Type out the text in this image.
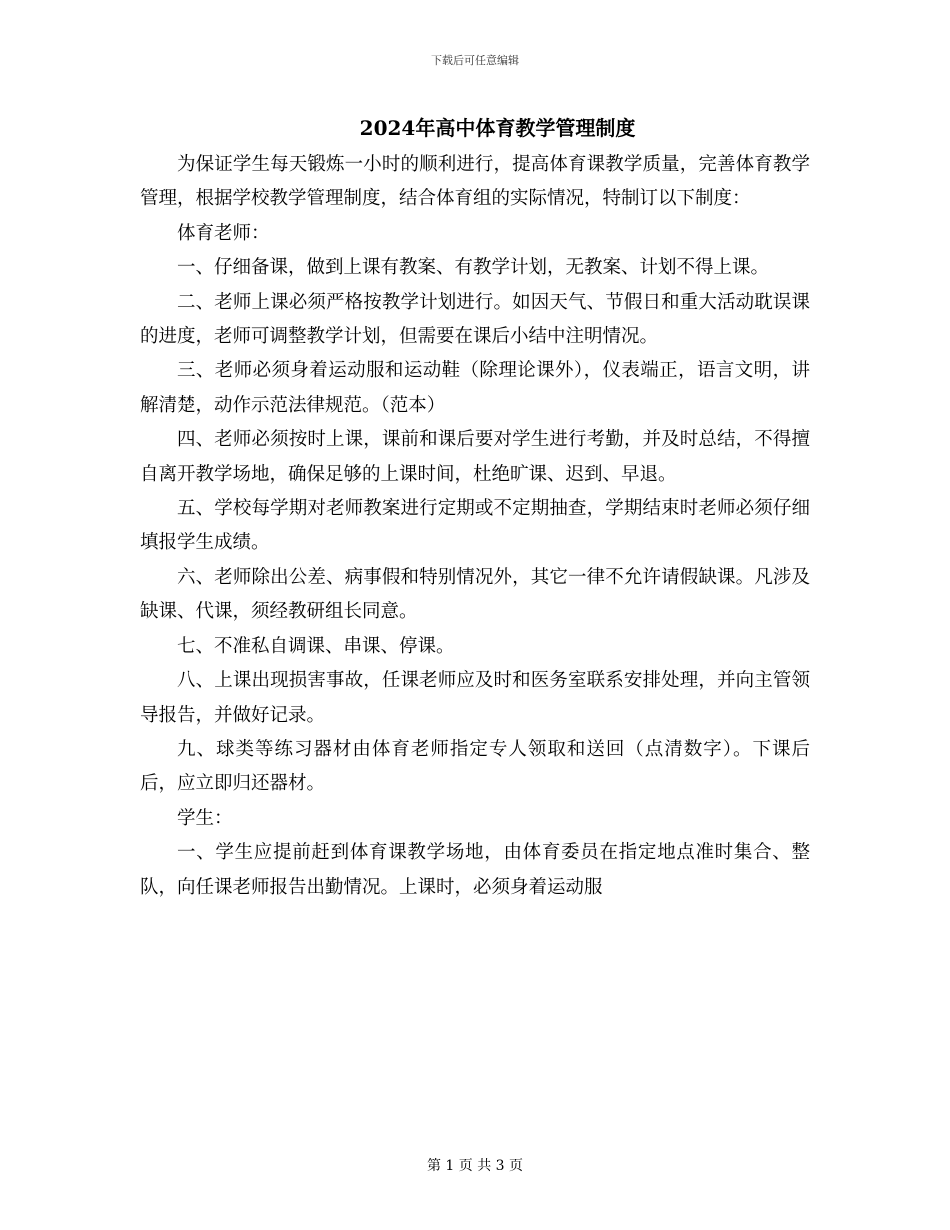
下载后可任意编辑
2024年高中体育教学管理制度

为保证学生每天锻炼一小时的顺利进行，提高体育课教学质量，完善体育教学管理，根据学校教学管理制度，结合体育组的实际情况，特制订以下制度：

体育老师：

一、仔细备课，做到上课有教案、有教学计划，无教案、计划不得上课。

二、老师上课必须严格按教学计划进行。如因天气、节假日和重大活动耽误课的进度，老师可调整教学计划，但需要在课后小结中注明情况。

三、老师必须身着运动服和运动鞋（除理论课外），仪表端正，语言文明，讲解清楚，动作示范法律规范。（范本）

四、老师必须按时上课，课前和课后要对学生进行考勤，并及时总结，不得擅自离开教学场地，确保足够的上课时间，杜绝旷课、迟到、早退。

五、学校每学期对老师教案进行定期或不定期抽查，学期结束时老师必须仔细填报学生成绩。

六、老师除出公差、病事假和特别情况外，其它一律不允许请假缺课。凡涉及缺课、代课，须经教研组长同意。

七、不准私自调课、串课、停课。

八、上课出现损害事故，任课老师应及时和医务室联系安排处理，并向主管领导报告，并做好记录。

九、球类等练习器材由体育老师指定专人领取和送回（点清数字）。下课后后，应立即归还器材。

学生：

一、学生应提前赶到体育课教学场地，由体育委员在指定地点准时集合、整队，向任课老师报告出勤情况。上课时，必须身着运动服

第 1 页 共 3 页
